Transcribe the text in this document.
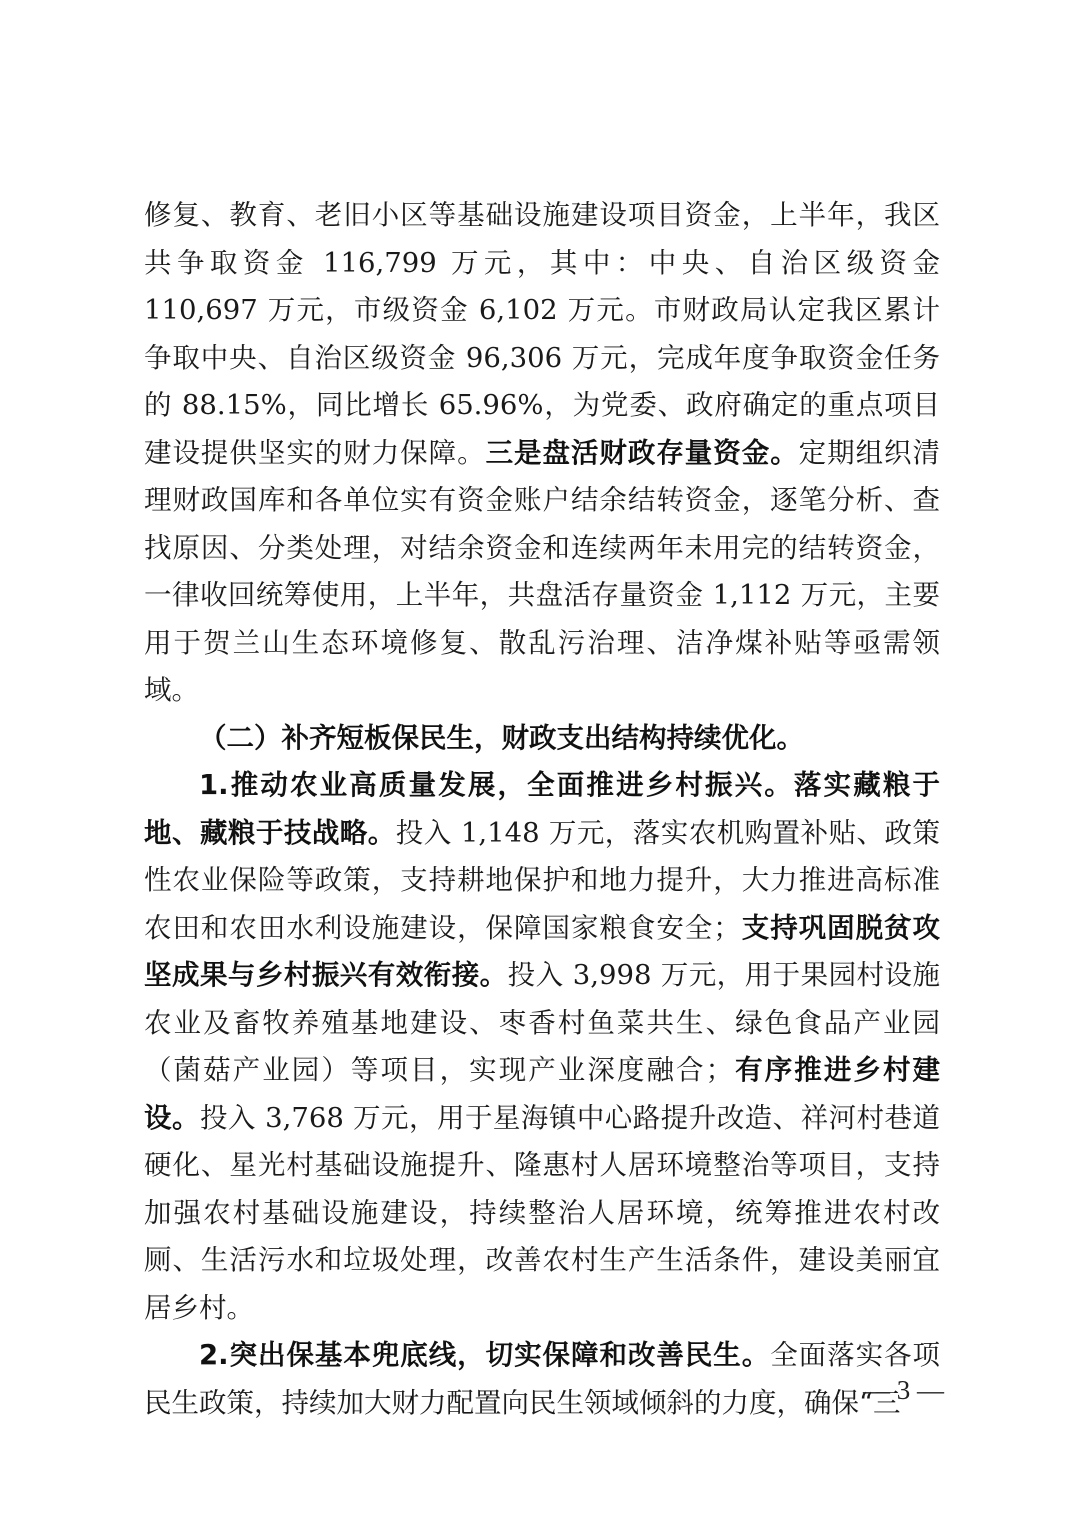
修复、教育、老旧小区等基础设施建设项目资金，上半年，我区共争取资金 116,799 万元，其中：中央、自治区级资金 110,697 万元，市级资金 6,102 万元。市财政局认定我区累计争取中央、自治区级资金 96,306 万元，完成年度争取资金任务的 88.15%，同比增长 65.96%，为党委、政府确定的重点项目建设提供坚实的财力保障。三是盘活财政存量资金。定期组织清理财政国库和各单位实有资金账户结余结转资金，逐笔分析、查找原因、分类处理，对结余资金和连续两年未用完的结转资金，一律收回统筹使用，上半年，共盘活存量资金 1,112 万元，主要用于贺兰山生态环境修复、散乱污治理、洁净煤补贴等亟需领域。

（二）补齐短板保民生，财政支出结构持续优化。

1.推动农业高质量发展，全面推进乡村振兴。落实藏粮于地、藏粮于技战略。投入 1,148 万元，落实农机购置补贴、政策性农业保险等政策，支持耕地保护和地力提升，大力推进高标准农田和农田水利设施建设，保障国家粮食安全；支持巩固脱贫攻坚成果与乡村振兴有效衔接。投入 3,998 万元，用于果园村设施农业及畜牧养殖基地建设、枣香村鱼菜共生、绿色食品产业园（菌菇产业园）等项目，实现产业深度融合；有序推进乡村建设。投入 3,768 万元，用于星海镇中心路提升改造、祥河村巷道硬化、星光村基础设施提升、隆惠村人居环境整治等项目，支持加强农村基础设施建设，持续整治人居环境，统筹推进农村改厕、生活污水和垃圾处理，改善农村生产生活条件，建设美丽宜居乡村。

2.突出保基本兜底线，切实保障和改善民生。全面落实各项民生政策，持续加大财力配置向民生领域倾斜的力度，确保“三

— 3 —
